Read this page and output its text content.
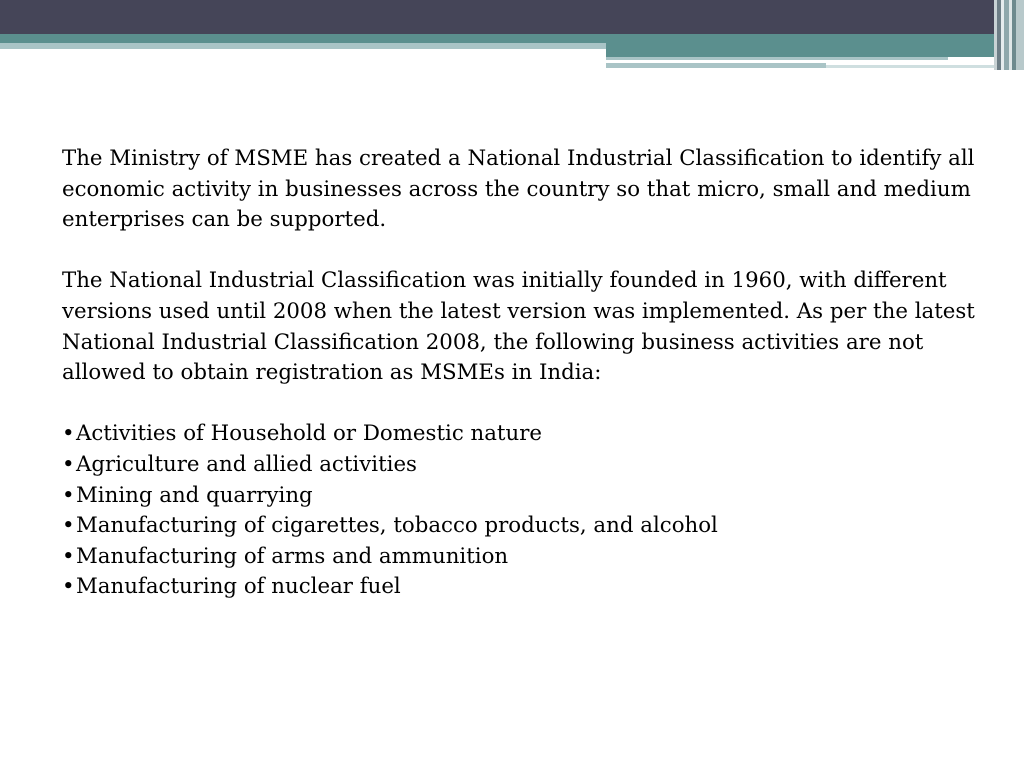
The Ministry of MSME has created a National Industrial Classification to identify all economic activity in businesses across the country so that micro, small and medium enterprises can be supported.

The National Industrial Classification was initially founded in 1960, with different versions used until 2008 when the latest version was implemented. As per the latest National Industrial Classification 2008, the following business activities are not allowed to obtain registration as MSMEs in India:

•Activities of Household or Domestic nature
•Agriculture and allied activities
•Mining and quarrying
•Manufacturing of cigarettes, tobacco products, and alcohol
•Manufacturing of arms and ammunition
•Manufacturing of nuclear fuel
